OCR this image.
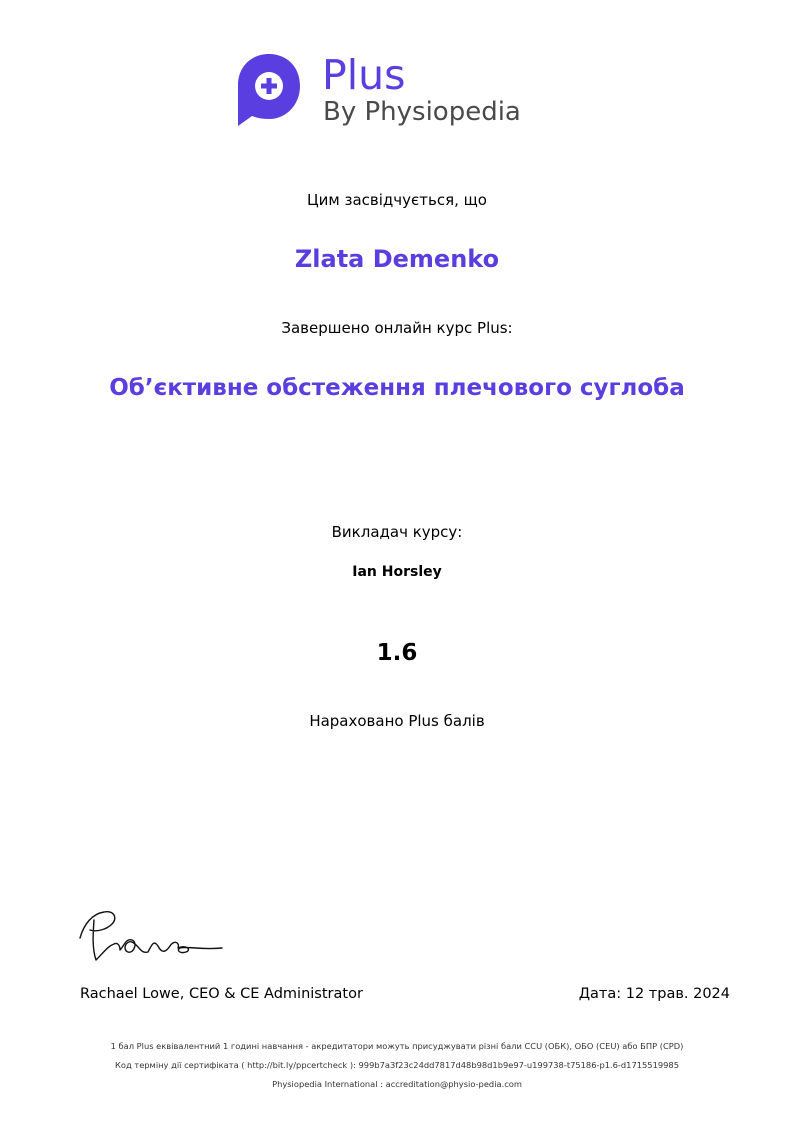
Plus
By Physiopedia
Цим засвідчується, що
Zlata Demenko
Завершено онлайн курс Plus:
Об’єктивне обстеження плечового суглоба
Викладач курсу:
Ian Horsley
1.6
Нараховано Plus балів
Rachael Lowe, CEO & CE Administrator	Дата: 12 трав. 2024
1 бал Plus еквівалентний 1 годині навчання - акредитатори можуть присуджувати різні бали CCU (ОБК), ОБО (CEU) або БПР (CPD)
Код терміну дії сертифіката ( http://bit.ly/ppcertcheck ): 999b7a3f23c24dd7817d48b98d1b9e97-u199738-t75186-p1.6-d1715519985
Physiopedia International : accreditation@physio-pedia.com
